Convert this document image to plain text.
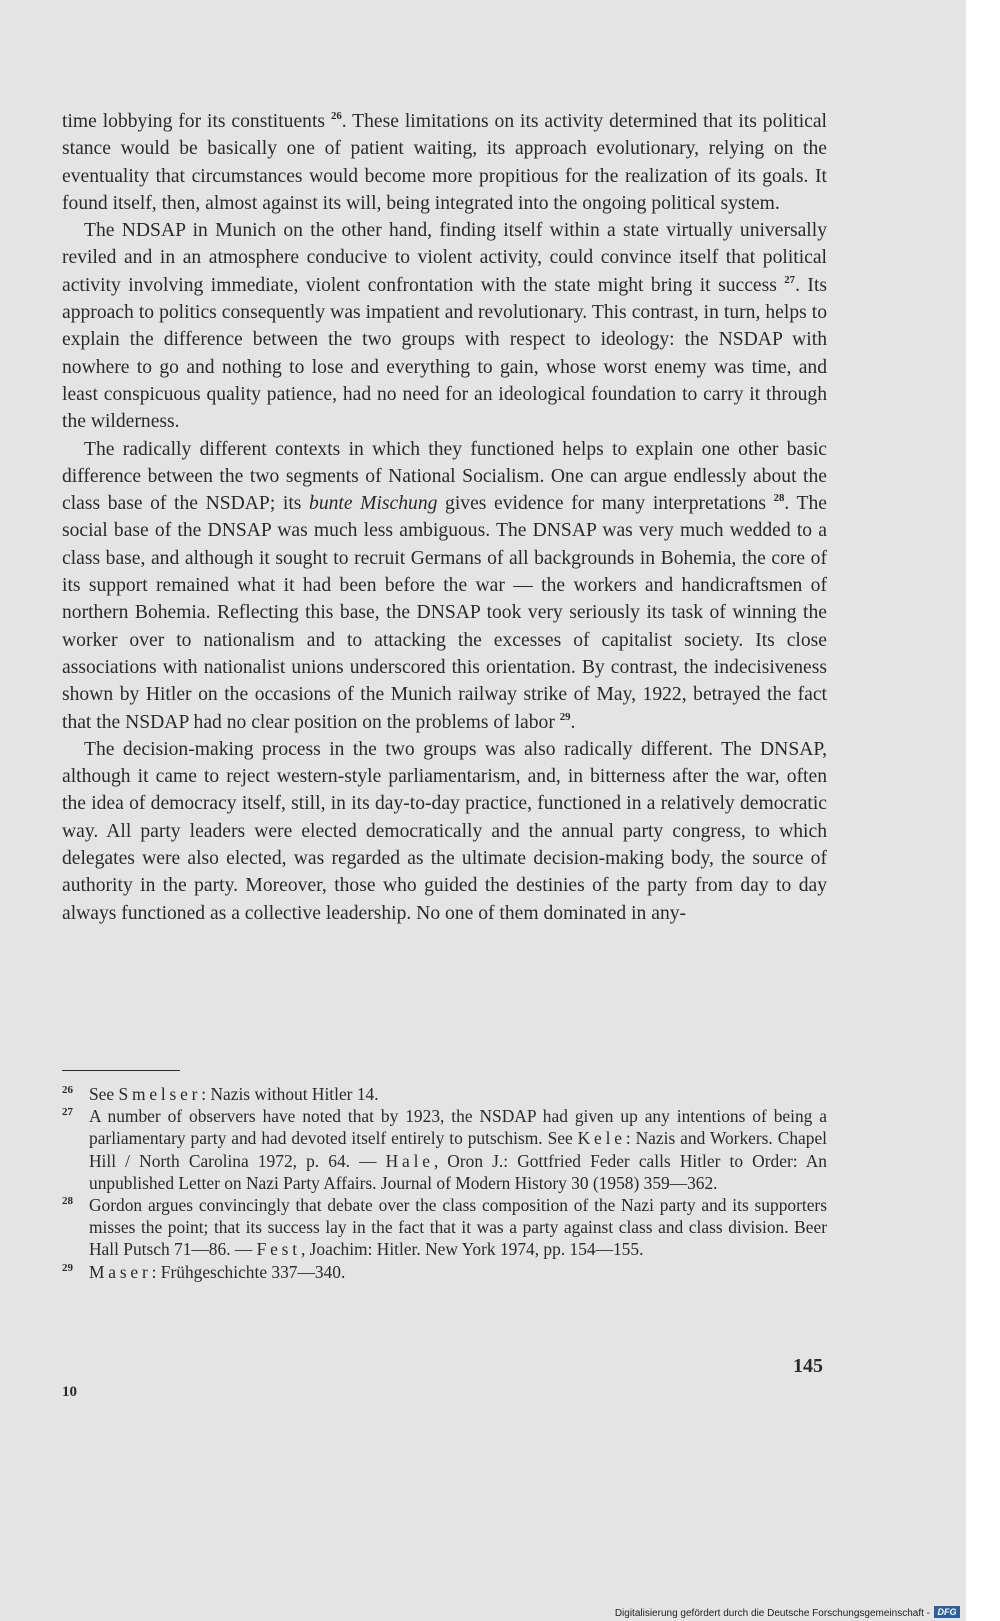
time lobbying for its constituents $^{26}$. These limitations on its activity determined that its political stance would be basically one of patient waiting, its approach evolutionary, relying on the eventuality that circumstances would become more propitious for the realization of its goals. It found itself, then, almost against its will, being integrated into the ongoing political system.

The NDSAP in Munich on the other hand, finding itself within a state virtually universally reviled and in an atmosphere conducive to violent activity, could convince itself that political activity involving immediate, violent confrontation with the state might bring it success $^{27}$. Its approach to politics consequently was impatient and revolutionary. This contrast, in turn, helps to explain the difference between the two groups with respect to ideology: the NSDAP with nowhere to go and nothing to lose and everything to gain, whose worst enemy was time, and least conspicuous quality patience, had no need for an ideological foundation to carry it through the wilderness.

The radically different contexts in which they functioned helps to explain one other basic difference between the two segments of National Socialism. One can argue endlessly about the class base of the NSDAP; its bunte Mischung gives evidence for many interpretations $^{28}$. The social base of the DNSAP was much less ambiguous. The DNSAP was very much wedded to a class base, and although it sought to recruit Germans of all backgrounds in Bohemia, the core of its support remained what it had been before the war — the workers and handicraftsmen of northern Bohemia. Reflecting this base, the DNSAP took very seriously its task of winning the worker over to nationalism and to attacking the excesses of capitalist society. Its close associations with nationalist unions underscored this orientation. By contrast, the indecisiveness shown by Hitler on the occasions of the Munich railway strike of May, 1922, betrayed the fact that the NSDAP had no clear position on the problems of labor $^{29}$.

The decision-making process in the two groups was also radically different. The DNSAP, although it came to reject western-style parliamentarism, and, in bitterness after the war, often the idea of democracy itself, still, in its day-to-day practice, functioned in a relatively democratic way. All party leaders were elected democratically and the annual party congress, to which delegates were also elected, was regarded as the ultimate decision-making body, the source of authority in the party. Moreover, those who guided the destinies of the party from day to day always functioned as a collective leadership. No one of them dominated in any-

26 See Smelser: Nazis without Hitler 14.
27 A number of observers have noted that by 1923, the NSDAP had given up any intentions of being a parliamentary party and had devoted itself entirely to putschism. See Kele: Nazis and Workers. Chapel Hill / North Carolina 1972, p. 64. — Hale, Oron J.: Gottfried Feder calls Hitler to Order: An unpublished Letter on Nazi Party Affairs. Journal of Modern History 30 (1958) 359—362.
28 Gordon argues convincingly that debate over the class composition of the Nazi party and its supporters misses the point; that its success lay in the fact that it was a party against class and class division. Beer Hall Putsch 71—86. — Fest, Joachim: Hitler. New York 1974, pp. 154—155.
29 Maser: Frühgeschichte 337—340.
145
10
Digitalisierung gefördert durch die Deutsche Forschungsgemeinschaft - DFG
